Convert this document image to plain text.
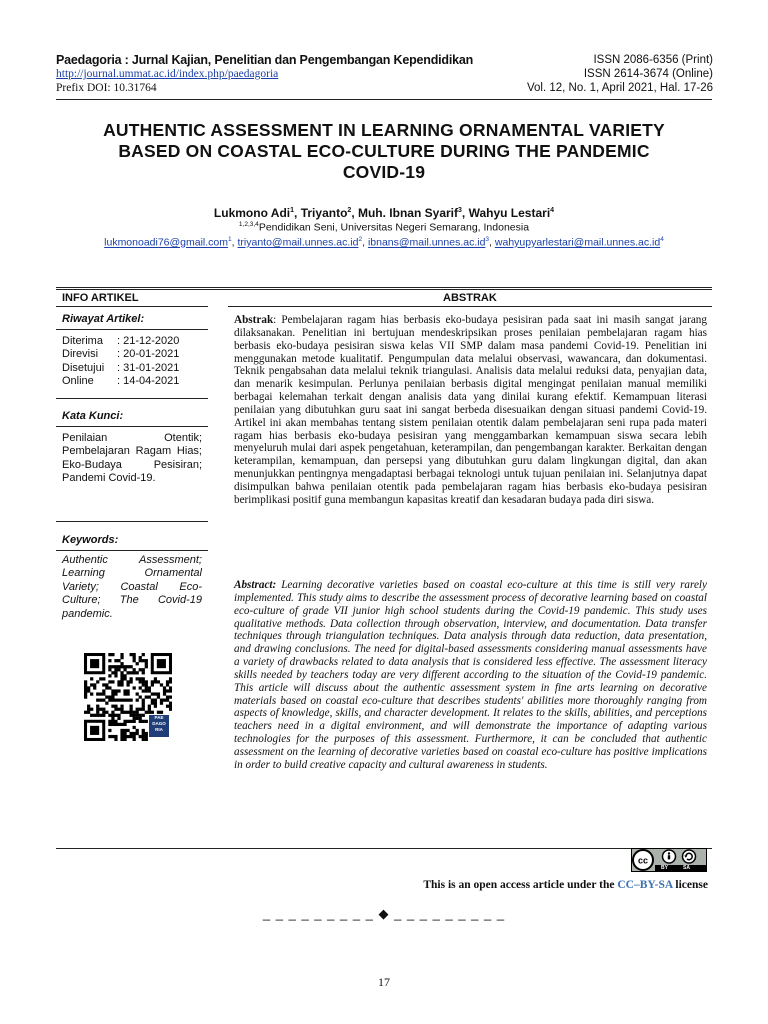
Paedagoria : Jurnal Kajian, Penelitian dan Pengembangan Kependidikan
http://journal.ummat.ac.id/index.php/paedagoria
Prefix DOI: 10.31764
ISSN 2086-6356 (Print)
ISSN 2614-3674 (Online)
Vol. 12, No. 1, April 2021, Hal. 17-26
AUTHENTIC ASSESSMENT IN LEARNING ORNAMENTAL VARIETY
BASED ON COASTAL ECO-CULTURE DURING THE PANDEMIC
COVID-19
Lukmono Adi$^1$, Triyanto$^2$, Muh. Ibnan Syarif$^3$, Wahyu Lestari$^4$
$^{1,2,3,4}$Pendidikan Seni, Universitas Negeri Semarang, Indonesia
lukmonoadi76@gmail.com$^1$, $triyanto@mail.unnes.ac.id^2$, $ibnans@mail.unnes.ac.id^3$, $wahyupyarlestari@mail.unnes.ac.id^4$
INFO ARTIKEL	ABSTRAK
Riwayat Artikel:
Diterima	: 21-12-2020
Direvisi	: 20-01-2021
Disetujui	: 31-01-2021
Online	: 14-04-2021
Kata Kunci:
Penilaian Otentik; Pembelajaran Ragam Hias; Eko-Budaya Pesisiran; Pandemi Covid-19.
Keywords:
Authentic Assessment; Learning Ornamental Variety; Coastal Eco-Culture; The Covid-19 pandemic.
PAE DAGO RIA
Abstrak: Pembelajaran ragam hias berbasis eko-budaya pesisiran pada saat ini masih sangat jarang dilaksanakan. Penelitian ini bertujuan mendeskripsikan proses penilaian pembelajaran ragam hias berbasis eko-budaya pesisiran siswa kelas VII SMP dalam masa pandemi Covid-19. Penelitian ini menggunakan metode kualitatif. Pengumpulan data melalui observasi, wawancara, dan dokumentasi. Teknik pengabsahan data melalui teknik triangulasi. Analisis data melalui reduksi data, penyajian data, dan menarik kesimpulan. Perlunya penilaian berbasis digital mengingat penilaian manual memiliki berbagai kelemahan terkait dengan analisis data yang dinilai kurang efektif. Kemampuan literasi penilaian yang dibutuhkan guru saat ini sangat berbeda disesuaikan dengan situasi pandemi Covid-19. Artikel ini akan membahas tentang sistem penilaian otentik dalam pembelajaran seni rupa pada materi ragam hias berbasis eko-budaya pesisiran yang menggambarkan kemampuan siswa secara lebih menyeluruh mulai dari aspek pengetahuan, keterampilan, dan pengembangan karakter. Berkaitan dengan keterampilan, kemampuan, dan persepsi yang dibutuhkan guru dalam lingkungan digital, dan akan menunjukkan pentingnya mengadaptasi berbagai teknologi untuk tujuan penilaian ini. Selanjutnya dapat disimpulkan bahwa penilaian otentik pada pembelajaran ragam hias berbasis eko-budaya pesisiran berimplikasi positif guna membangun kapasitas kreatif dan kesadaran budaya pada diri siswa.
Abstract: Learning decorative varieties based on coastal eco-culture at this time is still very rarely implemented. This study aims to describe the assessment process of decorative learning based on coastal eco-culture of grade VII junior high school students during the Covid-19 pandemic. This study uses qualitative methods. Data collection through observation, interview, and documentation. Data transfer techniques through triangulation techniques. Data analysis through data reduction, data presentation, and drawing conclusions. The need for digital-based assessments considering manual assessments have a variety of drawbacks related to data analysis that is considered less effective. The assessment literacy skills needed by teachers today are very different according to the situation of the Covid-19 pandemic. This article will discuss about the authentic assessment system in fine arts learning on decorative materials based on coastal eco-culture that describes students' abilities more thoroughly ranging from aspects of knowledge, skills, and character development. It relates to the skills, abilities, and perceptions teachers need in a digital environment, and will demonstrate the importance of adapting various technologies for the purposes of this assessment. Furthermore, it can be concluded that authentic assessment on the learning of decorative varieties based on coastal eco-culture has positive implications in order to build creative capacity and cultural awareness in students.
cc
BY	SA
This is an open access article under the CC–BY-SA license
_ _ _ _ _ _ _ _ _ ◆ _ _ _ _ _ _ _ _ _
17
